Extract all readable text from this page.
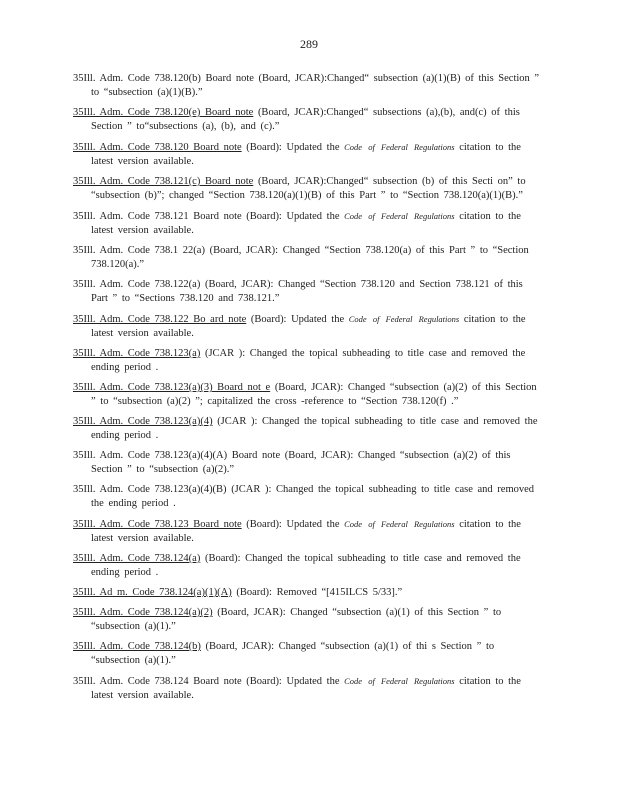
289
35Ill. Adm. Code 738.120(b) Board note (Board, JCAR):Changed“ subsection (a)(1)(B) of this Section ” to “subsection (a)(1)(B).”
35Ill. Adm. Code 738.120(e) Board note (Board, JCAR):Changed“ subsections (a),(b), and(c) of this Section ” to“subsections (a), (b), and (c).”
35Ill. Adm. Code 738.120 Board note (Board): Updated the Code of Federal Regulations citation to the latest version available.
35Ill. Adm. Code 738.121(c) Board note (Board, JCAR):Changed“ subsection (b) of this Secti on” to “subsection (b)”; changed “Section 738.120(a)(1)(B) of this Part ” to “Section 738.120(a)(1)(B).”
35Ill. Adm. Code 738.121 Board note (Board): Updated the Code of Federal Regulations citation to the latest version available.
35Ill. Adm. Code 738.1 22(a) (Board, JCAR): Changed “Section 738.120(a) of this Part ” to “Section 738.120(a).”
35Ill. Adm. Code 738.122(a) (Board, JCAR): Changed “Section 738.120 and Section 738.121 of this Part ” to “Sections 738.120 and 738.121.”
35Ill. Adm. Code 738.122 Bo ard note (Board): Updated the Code of Federal Regulations citation to the latest version available.
35Ill. Adm. Code 738.123(a) (JCAR ): Changed the topical subheading to title case and removed the ending period .
35Ill. Adm. Code 738.123(a)(3) Board not e (Board, JCAR): Changed “subsection (a)(2) of this Section ” to “subsection (a)(2) ”; capitalized the cross -reference to “Section 738.120(f) .”
35Ill. Adm. Code 738.123(a)(4) (JCAR ): Changed the topical subheading to title case and removed the ending period .
35Ill. Adm. Code 738.123(a)(4)(A) Board note (Board, JCAR): Changed “subsection (a)(2) of this Section ” to “subsection (a)(2).”
35Ill. Adm. Code 738.123(a)(4)(B) (JCAR ): Changed the topical subheading to title case and removed the ending period .
35Ill. Adm. Code 738.123 Board note (Board): Updated the Code of Federal Regulations citation to the latest version available.
35Ill. Adm. Code 738.124(a) (Board): Changed the topical subheading to title case and removed the ending period .
35Ill. Ad m. Code 738.124(a)(1)(A) (Board): Removed “[415ILCS 5/33].”
35Ill. Adm. Code 738.124(a)(2) (Board, JCAR): Changed “subsection (a)(1) of this Section ” to “subsection (a)(1).”
35Ill. Adm. Code 738.124(b) (Board, JCAR): Changed “subsection (a)(1) of thi s Section ” to “subsection (a)(1).”
35Ill. Adm. Code 738.124 Board note (Board): Updated the Code of Federal Regulations citation to the latest version available.
